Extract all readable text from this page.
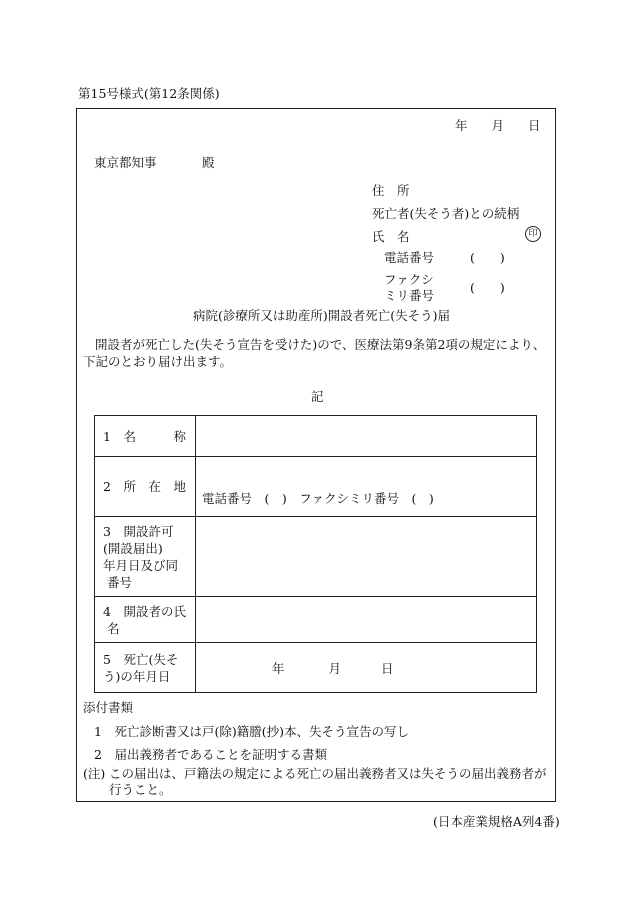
第15号様式(第12条関係)
年 月 日
東京都知事	殿
住　所
死亡者(失そう者)との続柄
氏　名	印
電話番号	(　　)
ファクシ
ミリ番号
(　　)
病院(診療所又は助産所)開設者死亡(失そう)届
開設者が死亡した(失そう宣告を受けた)ので、医療法第9条第2項の規定により、下記のとおり届け出ます。
記
1　名　　　称	
2　所　在　地	電話番号　(　)　ファクシミリ番号　(　)

3　開設許可
(開設届出)
年月日及び同
番号	

4　開設者の氏
名	

5　死亡(失そ
う)の年月日	年 月 日
添付書類
1　死亡診断書又は戸(除)籍謄(抄)本、失そう宣告の写し
2　届出義務者であることを証明する書類
(注) この届出は、戸籍法の規定による死亡の届出義務者又は失そうの届出義務者が行うこと。
(日本産業規格A列4番)
